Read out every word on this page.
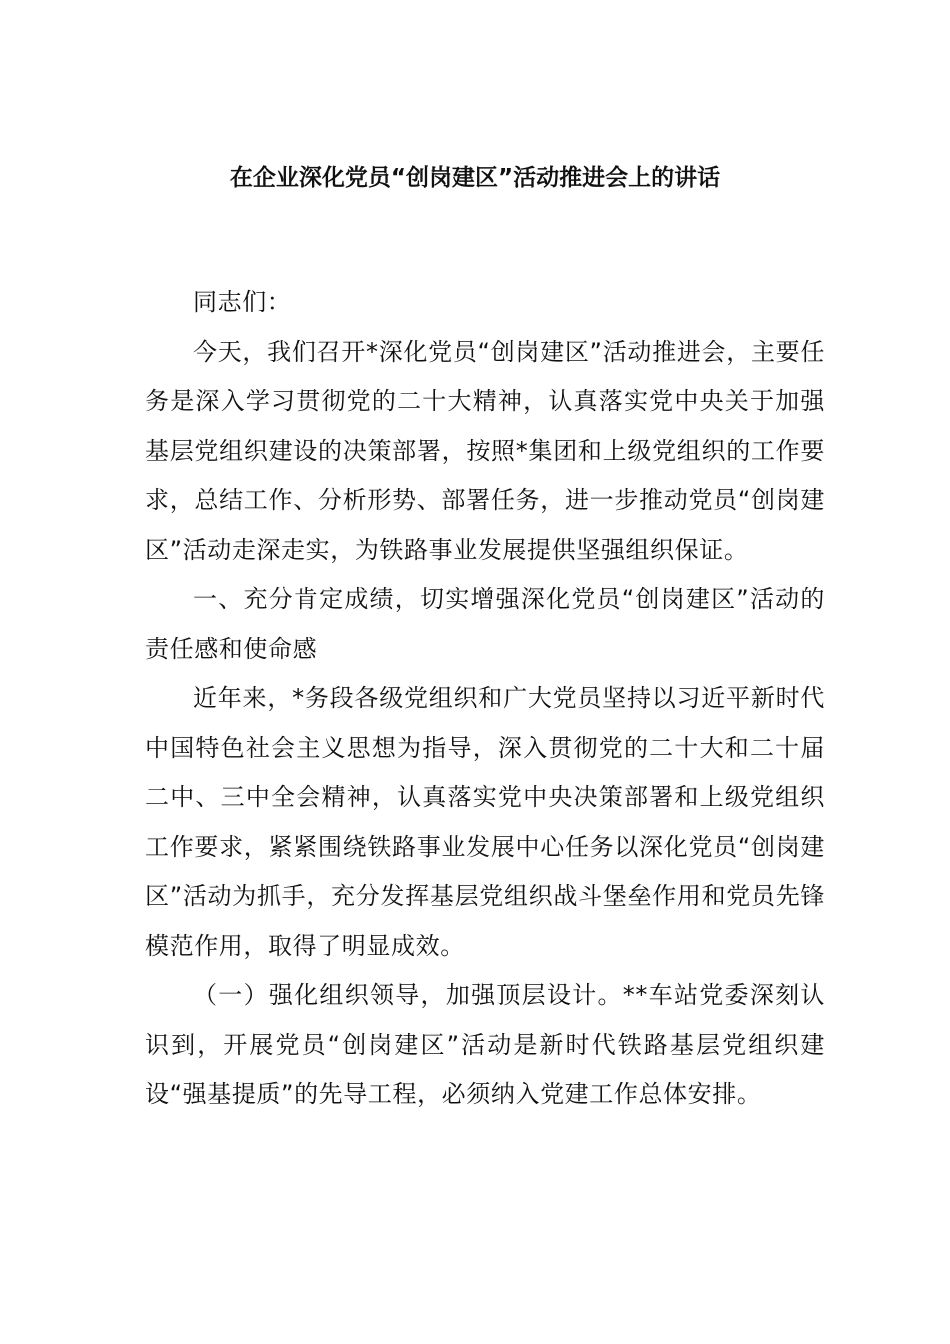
在企业深化党员“创岗建区”活动推进会上的讲话

同志们：

今天，我们召开*深化党员“创岗建区”活动推进会，主要任务是深入学习贯彻党的二十大精神，认真落实党中央关于加强基层党组织建设的决策部署，按照*集团和上级党组织的工作要求，总结工作、分析形势、部署任务，进一步推动党员“创岗建区”活动走深走实，为铁路事业发展提供坚强组织保证。

一、充分肯定成绩，切实增强深化党员“创岗建区”活动的责任感和使命感

近年来，*务段各级党组织和广大党员坚持以习近平新时代中国特色社会主义思想为指导，深入贯彻党的二十大和二十届二中、三中全会精神，认真落实党中央决策部署和上级党组织工作要求，紧紧围绕铁路事业发展中心任务以深化党员“创岗建区”活动为抓手，充分发挥基层党组织战斗堡垒作用和党员先锋模范作用，取得了明显成效。

（一）强化组织领导，加强顶层设计。**车站党委深刻认识到，开展党员“创岗建区”活动是新时代铁路基层党组织建设“强基提质”的先导工程，必须纳入党建工作总体安排。
